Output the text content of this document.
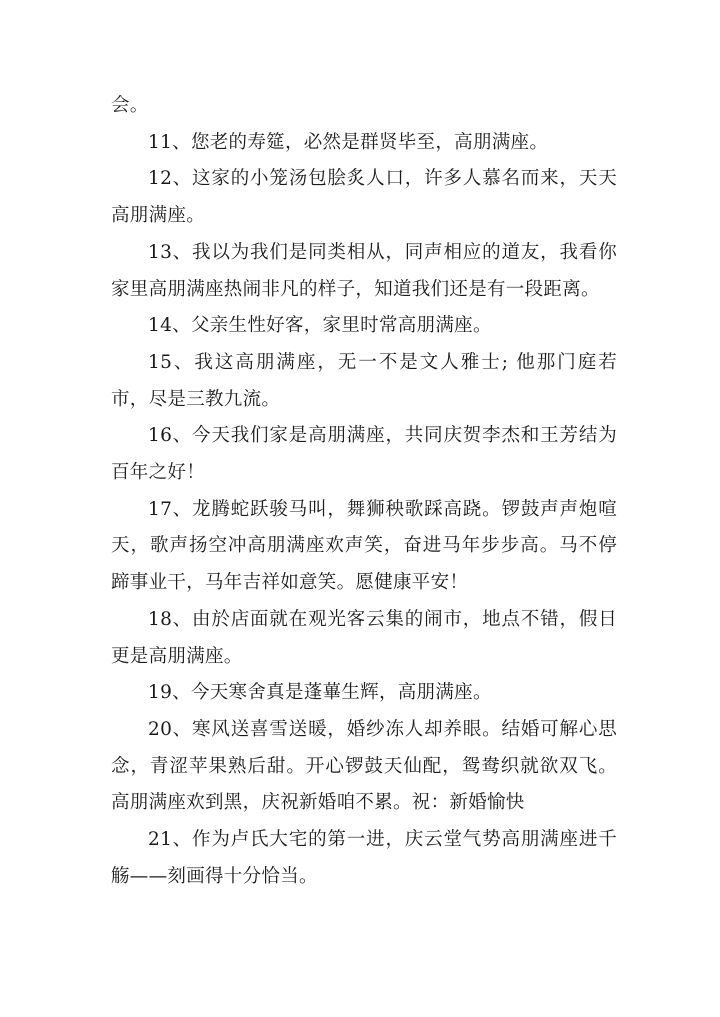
会。

11、您老的寿筵，必然是群贤毕至，高朋满座。

12、这家的小笼汤包脍炙人口，许多人慕名而来，天天高朋满座。

13、我以为我们是同类相从，同声相应的道友，我看你家里高朋满座热闹非凡的样子，知道我们还是有一段距离。

14、父亲生性好客，家里时常高朋满座。

15、我这高朋满座，无一不是文人雅士; 他那门庭若市，尽是三教九流。

16、今天我们家是高朋满座，共同庆贺李杰和王芳结为百年之好！

17、龙腾蛇跃骏马叫，舞狮秧歌踩高跷。锣鼓声声炮喧天，歌声扬空冲高朋满座欢声笑，奋进马年步步高。马不停蹄事业干，马年吉祥如意笑。愿健康平安！

18、由於店面就在观光客云集的闹市，地点不错，假日更是高朋满座。

19、今天寒舍真是蓬蓽生辉，高朋满座。

20、寒风送喜雪送暖，婚纱冻人却养眼。结婚可解心思念，青涩苹果熟后甜。开心锣鼓天仙配，鸳鸯织就欲双飞。高朋满座欢到黑，庆祝新婚咱不累。祝：新婚愉快

21、作为卢氏大宅的第一进，庆云堂气势高朋满座进千觞——刻画得十分恰当。
